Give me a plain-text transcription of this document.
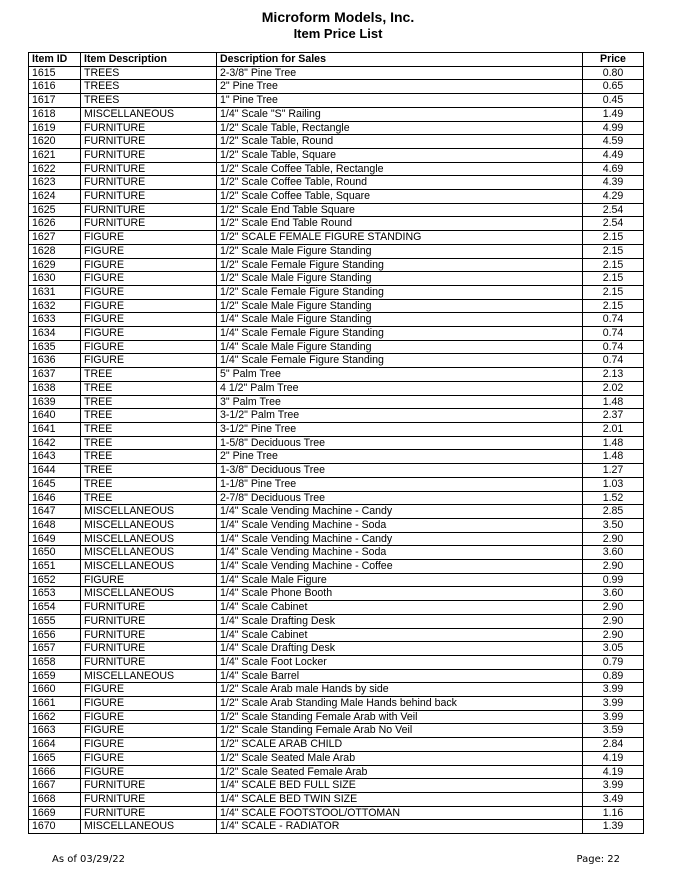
Microform Models, Inc.
Item Price List
Item ID	Item Description	Description for Sales	Price
1615	TREES	2-3/8" Pine Tree	0.80
1616	TREES	2" Pine Tree	0.65
1617	TREES	1" Pine Tree	0.45
1618	MISCELLANEOUS	1/4" Scale "S" Railing	1.49
1619	FURNITURE	1/2" Scale Table, Rectangle	4.99
1620	FURNITURE	1/2" Scale Table, Round	4.59
1621	FURNITURE	1/2" Scale Table, Square	4.49
1622	FURNITURE	1/2" Scale Coffee Table, Rectangle	4.69
1623	FURNITURE	1/2" Scale Coffee Table, Round	4.39
1624	FURNITURE	1/2" Scale Coffee Table, Square	4.29
1625	FURNITURE	1/2" Scale End Table Square	2.54
1626	FURNITURE	1/2" Scale End Table Round	2.54
1627	FIGURE	1/2" SCALE FEMALE FIGURE STANDING	2.15
1628	FIGURE	1/2" Scale Male Figure Standing	2.15
1629	FIGURE	1/2" Scale Female Figure Standing	2.15
1630	FIGURE	1/2" Scale Male Figure Standing	2.15
1631	FIGURE	1/2" Scale Female Figure Standing	2.15
1632	FIGURE	1/2" Scale Male Figure Standing	2.15
1633	FIGURE	1/4" Scale Male Figure Standing	0.74
1634	FIGURE	1/4" Scale Female Figure Standing	0.74
1635	FIGURE	1/4" Scale Male Figure Standing	0.74
1636	FIGURE	1/4" Scale Female Figure Standing	0.74
1637	TREE	5" Palm Tree	2.13
1638	TREE	4 1/2" Palm Tree	2.02
1639	TREE	3" Palm Tree	1.48
1640	TREE	3-1/2" Palm Tree	2.37
1641	TREE	3-1/2" Pine Tree	2.01
1642	TREE	1-5/8" Deciduous Tree	1.48
1643	TREE	2" Pine Tree	1.48
1644	TREE	1-3/8" Deciduous Tree	1.27
1645	TREE	1-1/8" Pine Tree	1.03
1646	TREE	2-7/8" Deciduous Tree	1.52
1647	MISCELLANEOUS	1/4" Scale Vending Machine - Candy	2.85
1648	MISCELLANEOUS	1/4" Scale Vending Machine - Soda	3.50
1649	MISCELLANEOUS	1/4" Scale Vending Machine - Candy	2.90
1650	MISCELLANEOUS	1/4" Scale Vending Machine - Soda	3.60
1651	MISCELLANEOUS	1/4" Scale Vending Machine - Coffee	2.90
1652	FIGURE	1/4" Scale Male Figure	0.99
1653	MISCELLANEOUS	1/4" Scale Phone Booth	3.60
1654	FURNITURE	1/4" Scale Cabinet	2.90
1655	FURNITURE	1/4" Scale Drafting Desk	2.90
1656	FURNITURE	1/4" Scale Cabinet	2.90
1657	FURNITURE	1/4" Scale Drafting Desk	3.05
1658	FURNITURE	1/4" Scale Foot Locker	0.79
1659	MISCELLANEOUS	1/4" Scale Barrel	0.89
1660	FIGURE	1/2" Scale Arab male Hands by side	3.99
1661	FIGURE	1/2" Scale Arab Standing Male Hands behind back	3.99
1662	FIGURE	1/2" Scale Standing Female Arab with Veil	3.99
1663	FIGURE	1/2" Scale Standing Female Arab No Veil	3.59
1664	FIGURE	1/2" SCALE ARAB CHILD	2.84
1665	FIGURE	1/2" Scale Seated Male Arab	4.19
1666	FIGURE	1/2" Scale Seated Female Arab	4.19
1667	FURNITURE	1/4" SCALE BED FULL SIZE	3.99
1668	FURNITURE	1/4" SCALE BED TWIN SIZE	3.49
1669	FURNITURE	1/4" SCALE FOOTSTOOL/OTTOMAN	1.16
1670	MISCELLANEOUS	1/4" SCALE - RADIATOR	1.39
As of 03/29/22	Page: 22
